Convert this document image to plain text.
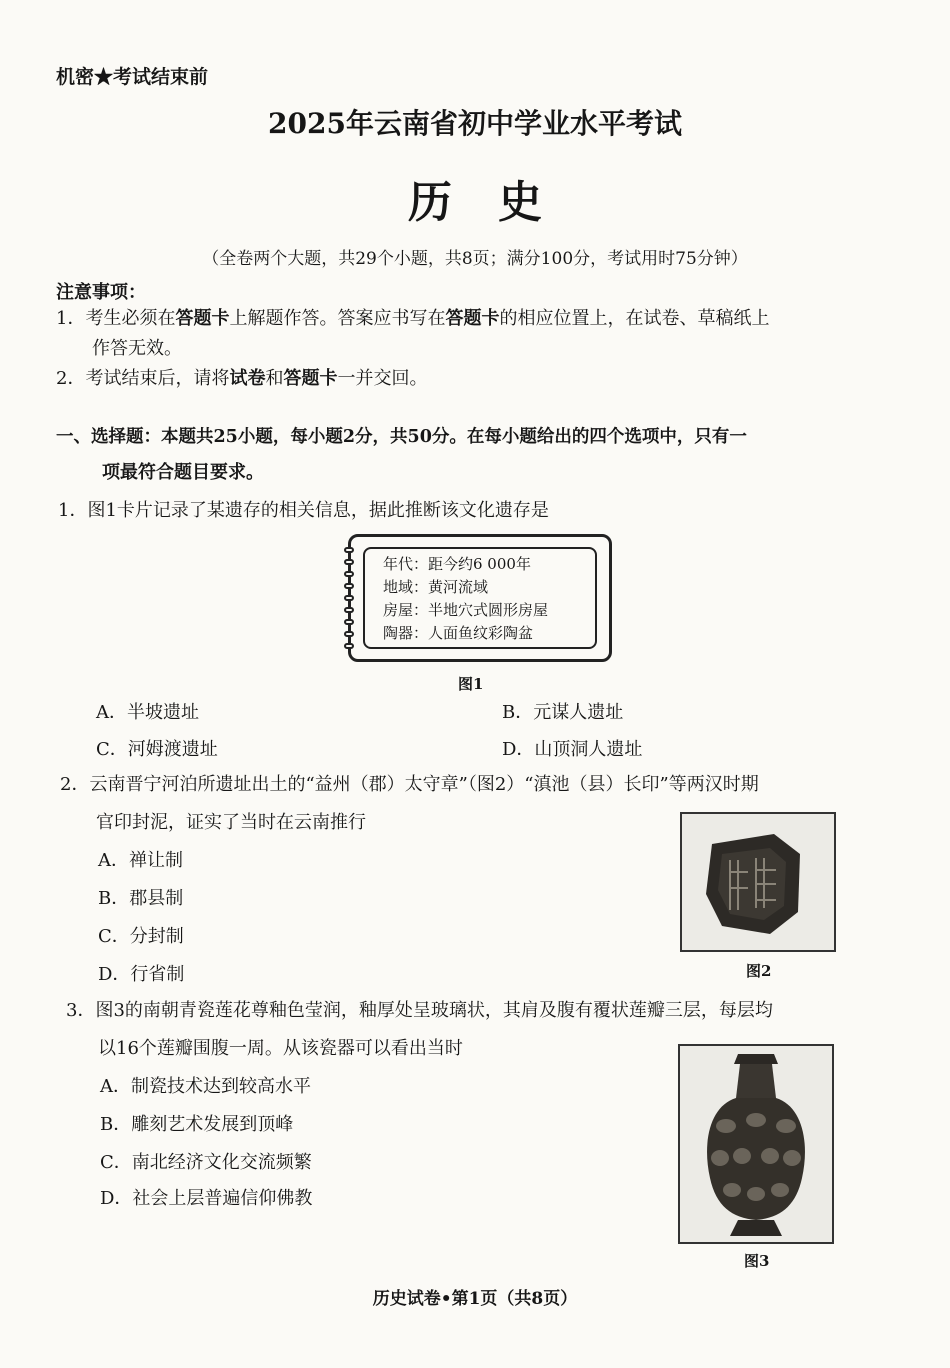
机密★考试结束前
2025年云南省初中学业水平考试
历史
（全卷两个大题，共29个小题，共8页；满分100分，考试用时75分钟）
注意事项：
1．考生必须在答题卡上解题作答。答案应书写在答题卡的相应位置上，在试卷、草稿纸上
作答无效。
2．考试结束后，请将试卷和答题卡一并交回。
一、选择题：本题共25小题，每小题2分，共50分。在每小题给出的四个选项中，只有一
项最符合题目要求。
1．图1卡片记录了某遗存的相关信息，据此推断该文化遗存是
年代：距今约6 000年
地域：黄河流域
房屋：半地穴式圆形房屋
陶器：人面鱼纹彩陶盆
图1
A．半坡遗址	B．元谋人遗址
C．河姆渡遗址	D．山顶洞人遗址
2．云南晋宁河泊所遗址出土的“益州（郡）太守章”（图2）“滇池（县）长印”等两汉时期
官印封泥，证实了当时在云南推行
A．禅让制
B．郡县制
C．分封制
D．行省制	图2
3．图3的南朝青瓷莲花尊釉色莹润，釉厚处呈玻璃状，其肩及腹有覆状莲瓣三层，每层均
以16个莲瓣围腹一周。从该瓷器可以看出当时
A．制瓷技术达到较高水平
B．雕刻艺术发展到顶峰
C．南北经济文化交流频繁
D．社会上层普遍信仰佛教
图3
历史试卷•第1页（共8页）
